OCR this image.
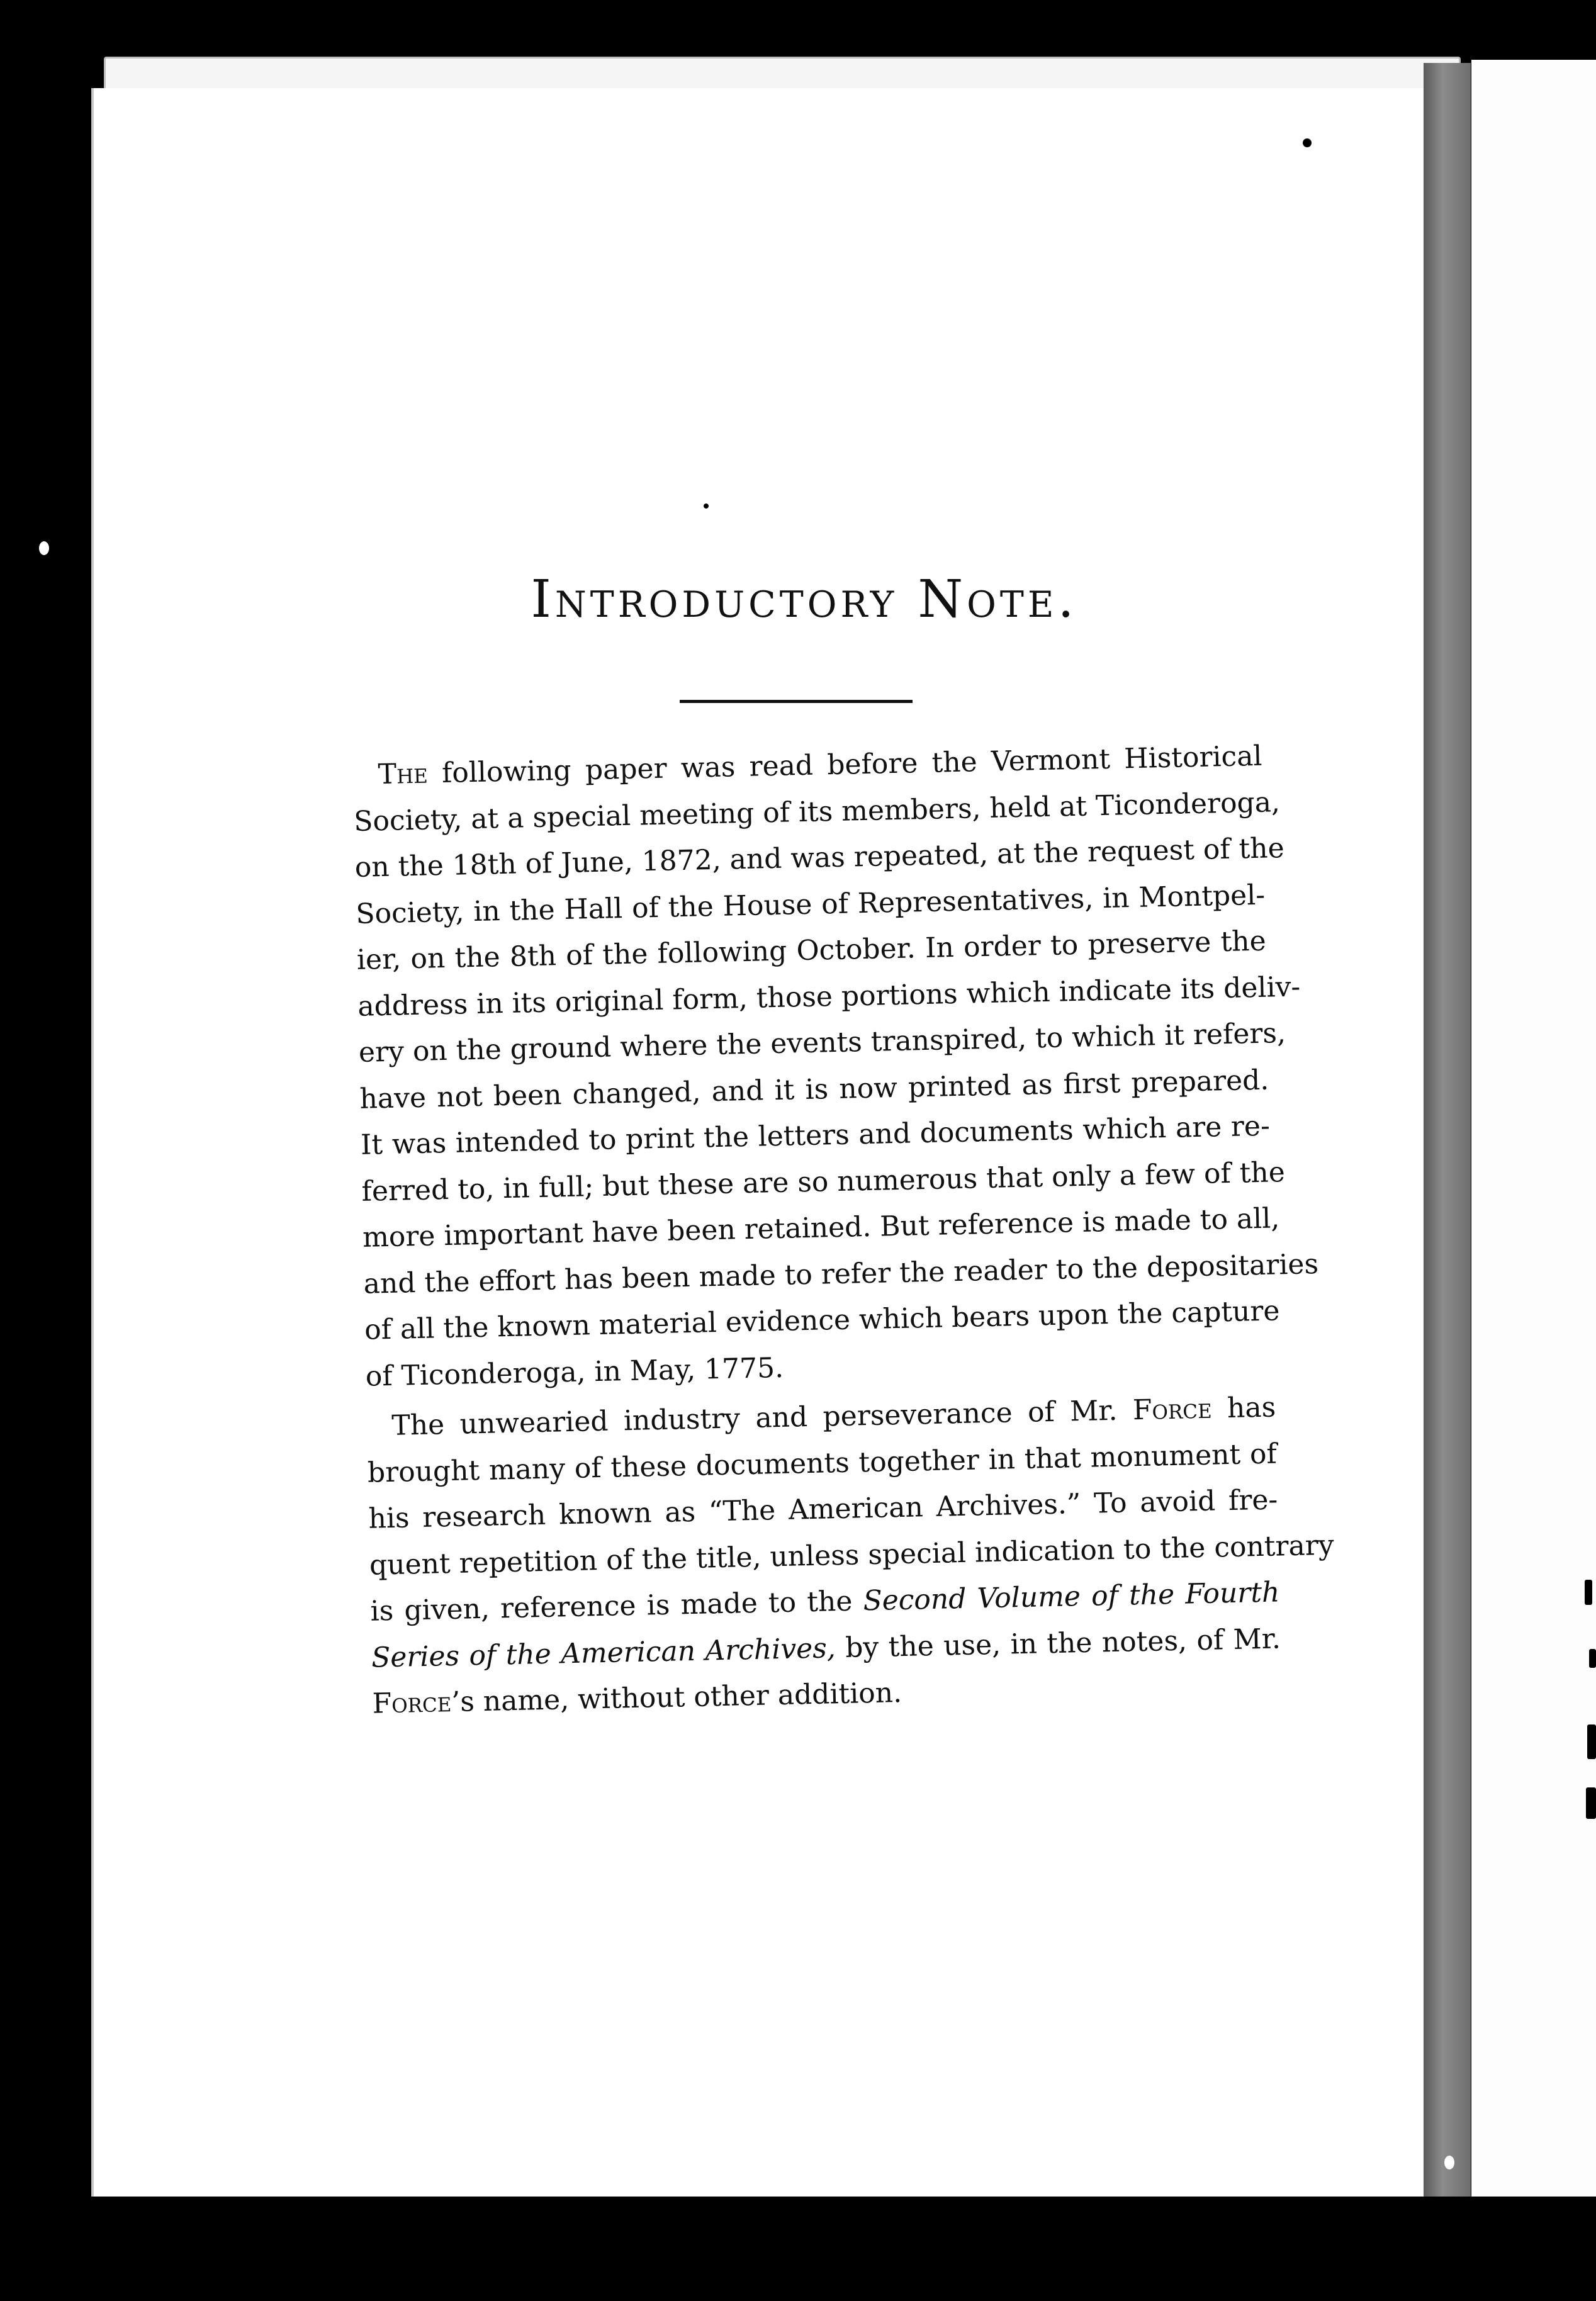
Introductory Note.

The following paper was read before the Vermont Historical
Society, at a special meeting of its members, held at Ticonderoga,
on the 18th of June, 1872, and was repeated, at the request of the
Society, in the Hall of the House of Representatives, in Montpel-
ier, on the 8th of the following October. In order to preserve the
address in its original form, those portions which indicate its deliv-
ery on the ground where the events transpired, to which it refers,
have not been changed, and it is now printed as first prepared.
It was intended to print the letters and documents which are re-
ferred to, in full; but these are so numerous that only a few of the
more important have been retained. But reference is made to all,
and the effort has been made to refer the reader to the depositaries
of all the known material evidence which bears upon the capture
of Ticonderoga, in May, 1775.

The unwearied industry and perseverance of Mr. Force has
brought many of these documents together in that monument of
his research known as “The American Archives.” To avoid fre-
quent repetition of the title, unless special indication to the contrary
is given, reference is made to the Second Volume of the Fourth
Series of the American Archives, by the use, in the notes, of Mr.
Force’s name, without other addition.
